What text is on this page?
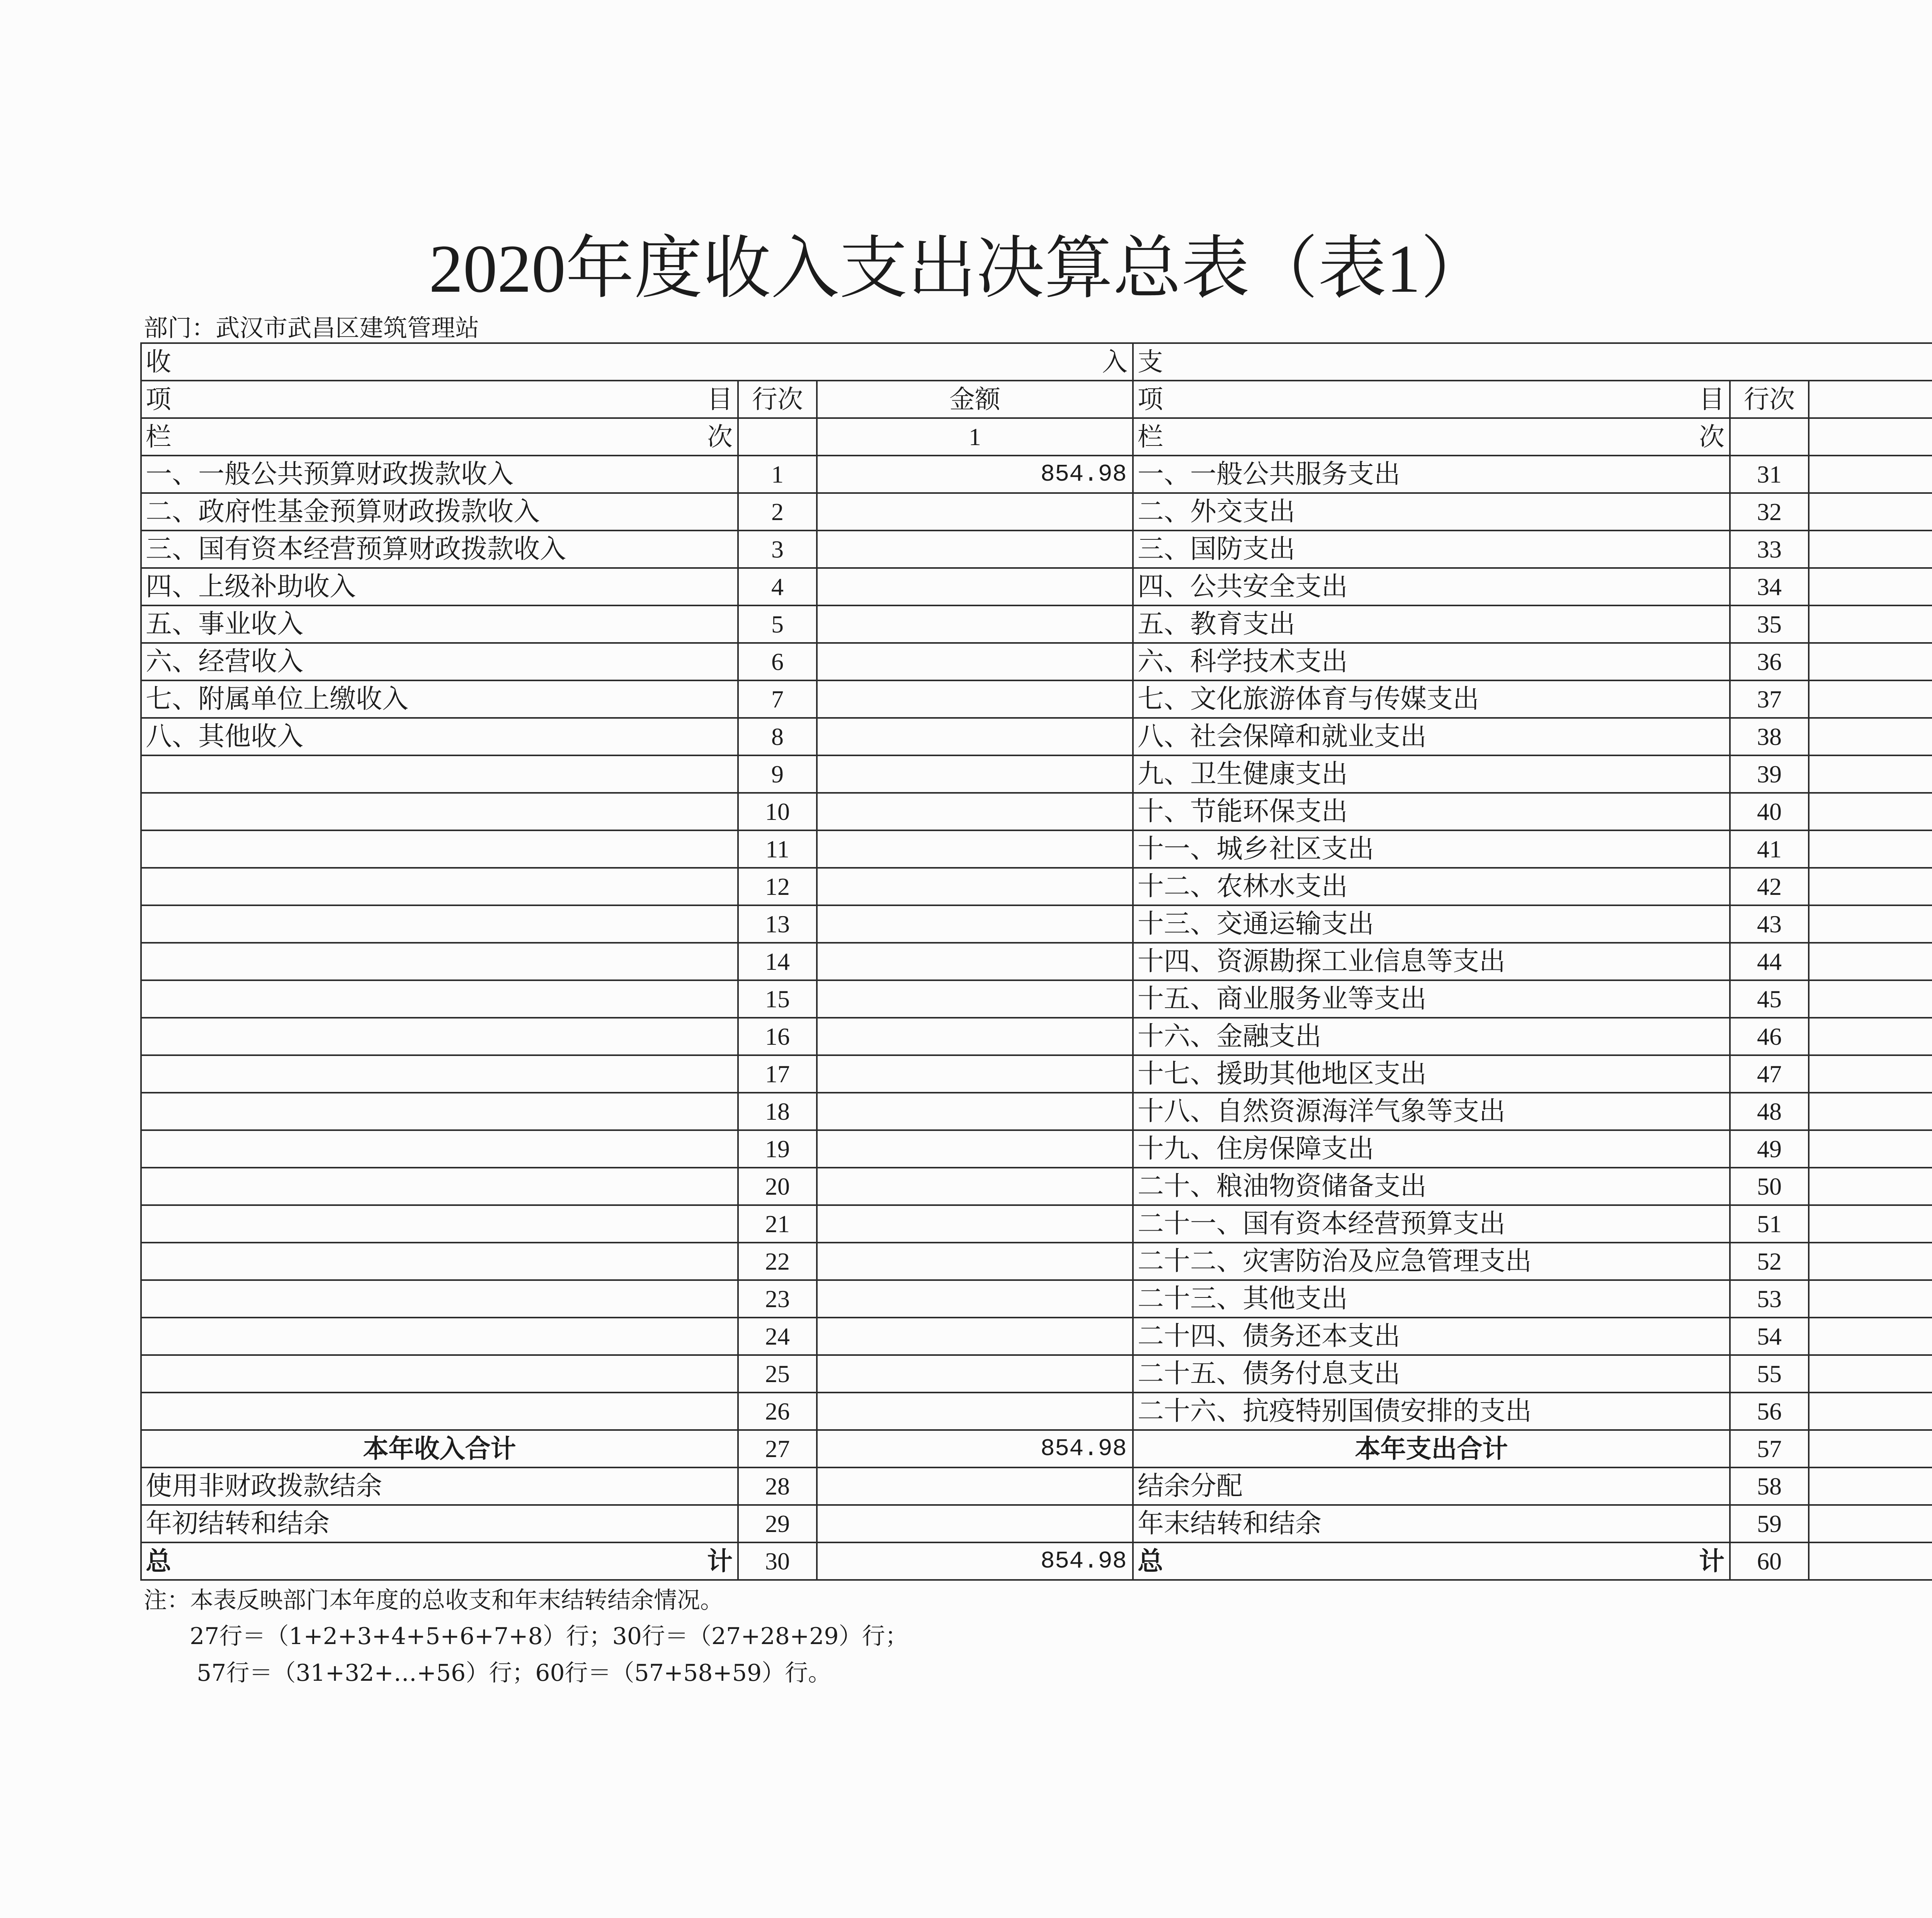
2020年度收入支出决算总表（表1）
部门：武汉市武昌区建筑管理站
收 入			支		

项 目	行次	金额	项 目	行次	

栏 次		1	栏 次

一、一般公共预算财政拨款收入	1	854.98	一、一般公共服务支出	31	
二、政府性基金预算财政拨款收入	2		二、外交支出	32	
三、国有资本经营预算财政拨款收入	3		三、国防支出	33	
四、上级补助收入	4		四、公共安全支出	34	
五、事业收入	5		五、教育支出	35	
六、经营收入	6		六、科学技术支出	36	
七、附属单位上缴收入	7		七、文化旅游体育与传媒支出	37	
八、其他收入	8		八、社会保障和就业支出	38	
	9		九、卫生健康支出	39	
	10		十、节能环保支出	40	
	11		十一、城乡社区支出	41	
	12		十二、农林水支出	42	
	13		十三、交通运输支出	43	
	14		十四、资源勘探工业信息等支出	44	
	15		十五、商业服务业等支出	45	
	16		十六、金融支出	46	
	17		十七、援助其他地区支出	47	
	18		十八、自然资源海洋气象等支出	48	
	19		十九、住房保障支出	49	
	20		二十、粮油物资储备支出	50	
	21		二十一、国有资本经营预算支出	51	
	22		二十二、灾害防治及应急管理支出	52	
	23		二十三、其他支出	53	
	24		二十四、债务还本支出	54	
	25		二十五、债务付息支出	55	
	26		二十六、抗疫特别国债安排的支出	56	
本年收入合计	27	854.98	本年支出合计	57	
使用非财政拨款结余	28		结余分配	58	
年初结转和结余	29		年末结转和结余	59	

总 计	30	854.98	总 计	60	
注：本表反映部门本年度的总收支和年末结转结余情况。
27行＝（1+2+3+4+5+6+7+8）行；30行＝（27+28+29）行；
57行＝（31+32+…+56）行；60行＝（57+58+59）行。
